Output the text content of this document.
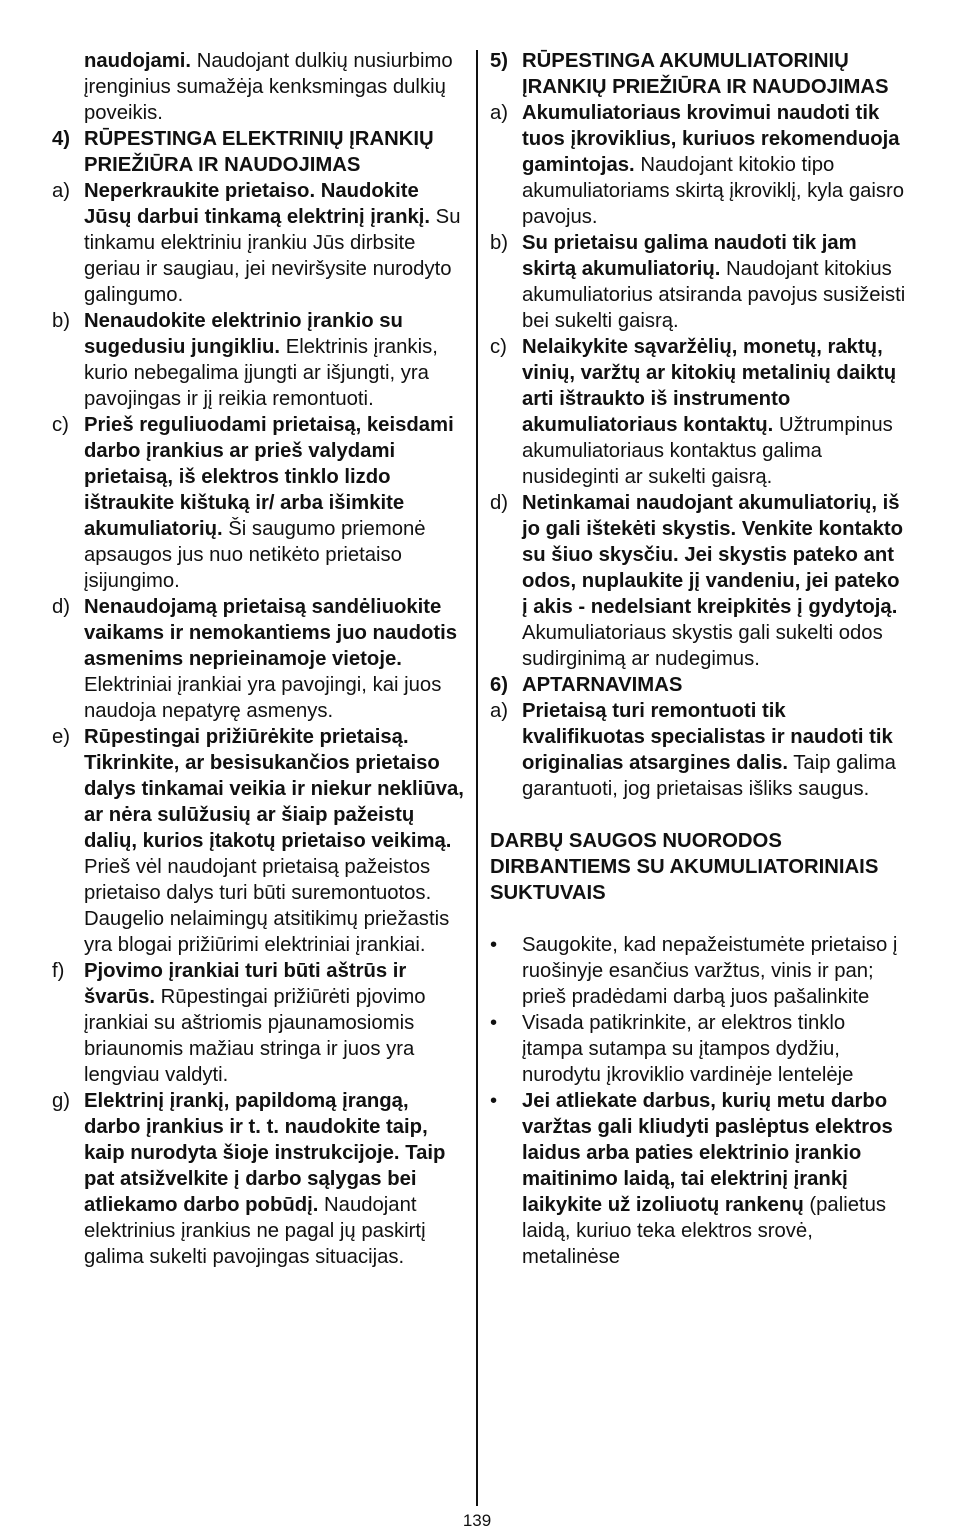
naudojami. Naudojant dulkių nusiurbimo įrenginius sumažėja kenksmingas dulkių poveikis.
4) RŪPESTINGA ELEKTRINIŲ ĮRANKIŲ PRIEŽIŪRA IR NAUDOJIMAS
a) Neperkraukite prietaiso. Naudokite Jūsų darbui tinkamą elektrinį įrankį. Su tinkamu elektriniu įrankiu Jūs dirbsite geriau ir saugiau, jei neviršysite nurodyto galingumo.
b) Nenaudokite elektrinio įrankio su sugedusiu jungikliu. Elektrinis įrankis, kurio nebegalima įjungti ar išjungti, yra pavojingas ir jį reikia remontuoti.
c) Prieš reguliuodami prietaisą, keisdami darbo įrankius ar prieš valydami prietaisą, iš elektros tinklo lizdo ištraukite kištuką ir/ arba išimkite akumuliatorių. Ši saugumo priemonė apsaugos jus nuo netikėto prietaiso įsijungimo.
d) Nenaudojamą prietaisą sandėliuokite vaikams ir nemokantiems juo naudotis asmenims neprieinamoje vietoje. Elektriniai įrankiai yra pavojingi, kai juos naudoja nepatyrę asmenys.
e) Rūpestingai prižiūrėkite prietaisą. Tikrinkite, ar besisukančios prietaiso dalys tinkamai veikia ir niekur nekliūva, ar nėra sulūžusių ar šiaip pažeistų dalių, kurios įtakotų prietaiso veikimą. Prieš vėl naudojant prietaisą pažeistos prietaiso dalys turi būti suremontuotos. Daugelio nelaimingų atsitikimų priežastis yra blogai prižiūrimi elektriniai įrankiai.
f) Pjovimo įrankiai turi būti aštrūs ir švarūs. Rūpestingai prižiūrėti pjovimo įrankiai su aštriomis pjaunamosiomis briaunomis mažiau stringa ir juos yra lengviau valdyti.
g) Elektrinį įrankį, papildomą įrangą, darbo įrankius ir t. t. naudokite taip, kaip nurodyta šioje instrukcijoje. Taip pat atsižvelkite į darbo sąlygas bei atliekamo darbo pobūdį. Naudojant elektrinius įrankius ne pagal jų paskirtį galima sukelti pavojingas situacijas.
5) RŪPESTINGA AKUMULIATORINIŲ ĮRANKIŲ PRIEŽIŪRA IR NAUDOJIMAS
a) Akumuliatoriaus krovimui naudoti tik tuos įkroviklius, kuriuos rekomenduoja gamintojas. Naudojant kitokio tipo akumuliatoriams skirtą įkroviklį, kyla gaisro pavojus.
b) Su prietaisu galima naudoti tik jam skirtą akumuliatorių. Naudojant kitokius akumuliatorius atsiranda pavojus susižeisti bei sukelti gaisrą.
c) Nelaikykite sąvaržėlių, monetų, raktų, vinių, varžtų ar kitokių metalinių daiktų arti ištraukto iš instrumento akumuliatoriaus kontaktų. Užtrumpinus akumuliatoriaus kontaktus galima nusideginti ar sukelti gaisrą.
d) Netinkamai naudojant akumuliatorių, iš jo gali ištekėti skystis. Venkite kontakto su šiuo skysčiu. Jei skystis pateko ant odos, nuplaukite jį vandeniu, jei pateko į akis - nedelsiant kreipkitės į gydytoją. Akumuliatoriaus skystis gali sukelti odos sudirginimą ar nudegimus.
6) APTARNAVIMAS
a) Prietaisą turi remontuoti tik kvalifikuotas specialistas ir naudoti tik originalias atsargines dalis. Taip galima garantuoti, jog prietaisas išliks saugus.
DARBŲ SAUGOS NUORODOS DIRBANTIEMS SU AKUMULIATORINIAIS SUKTUVAIS
•	Saugokite, kad nepažeistumėte prietaiso į ruošinyje esančius varžtus, vinis ir pan; prieš pradėdami darbą juos pašalinkite
•	Visada patikrinkite, ar elektros tinklo įtampa sutampa su įtampos dydžiu, nurodytu įkroviklio vardinėje lentelėje
•	Jei atliekate darbus, kurių metu darbo varžtas gali kliudyti paslėptus elektros laidus arba paties elektrinio įrankio maitinimo laidą, tai elektrinį įrankį laikykite už izoliuotų rankenų (palietus laidą, kuriuo teka elektros srovė, metalinėse
139
